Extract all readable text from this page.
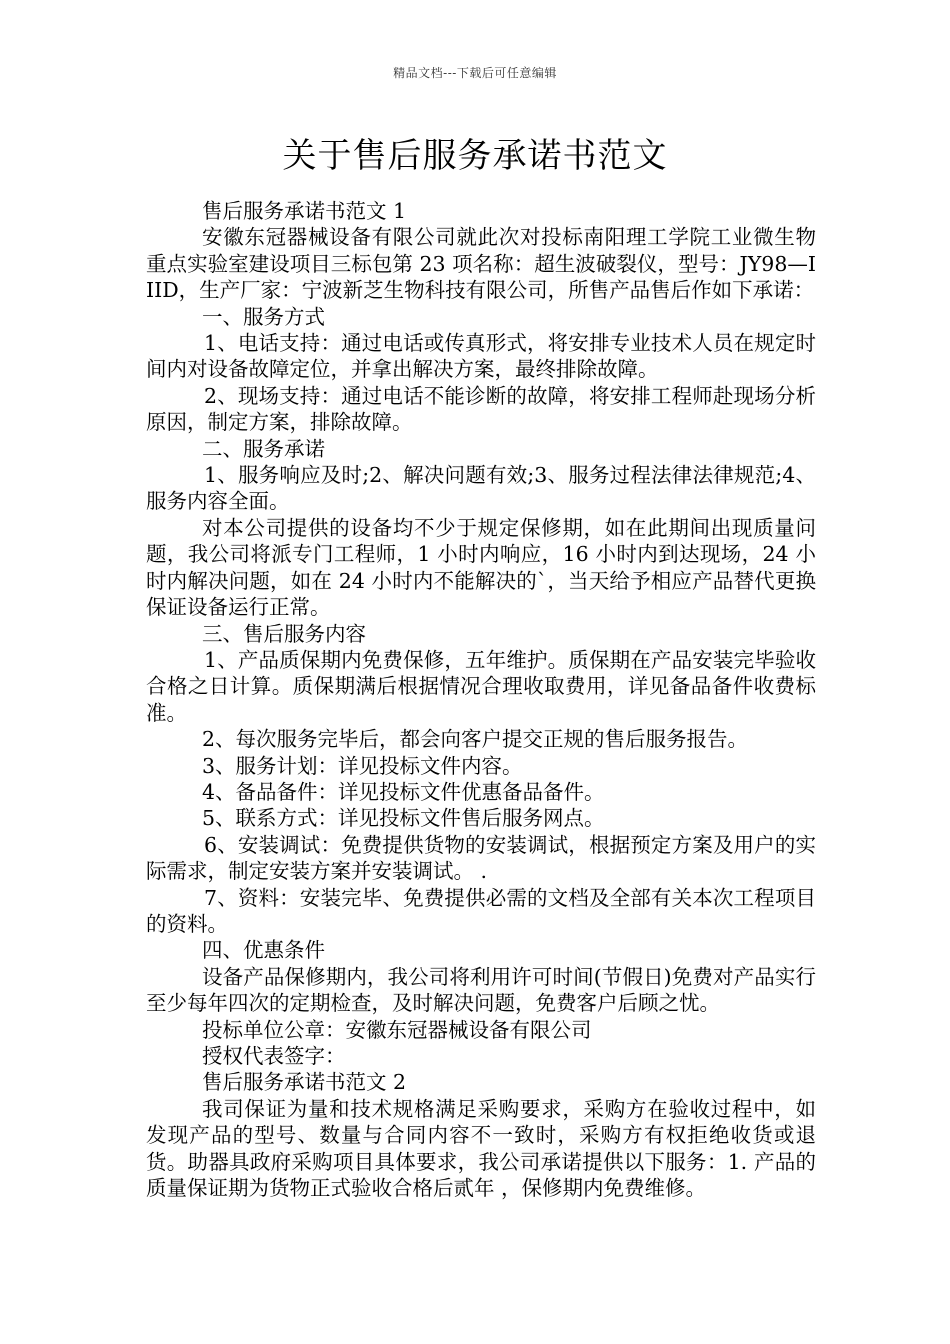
精品文档---下载后可任意编辑
关于售后服务承诺书范文

售后服务承诺书范文 1

安徽东冠器械设备有限公司就此次对投标南阳理工学院工业微生物重点实验室建设项目三标包第 23 项名称：超生波破裂仪，型号：JY98—IIID，生产厂家：宁波新芝生物科技有限公司，所售产品售后作如下承诺：

一、服务方式

1、电话支持：通过电话或传真形式，将安排专业技术人员在规定时间内对设备故障定位，并拿出解决方案，最终排除故障。

2、现场支持：通过电话不能诊断的故障，将安排工程师赴现场分析原因，制定方案，排除故障。

二、服务承诺

1、服务响应及时;2、解决问题有效;3、服务过程法律法律规范;4、服务内容全面。

对本公司提供的设备均不少于规定保修期，如在此期间出现质量问题，我公司将派专门工程师，1 小时内响应，16 小时内到达现场，24 小时内解决问题，如在 24 小时内不能解决的`，当天给予相应产品替代更换保证设备运行正常。

三、售后服务内容

1、产品质保期内免费保修，五年维护。质保期在产品安装完毕验收合格之日计算。质保期满后根据情况合理收取费用，详见备品备件收费标准。

2、每次服务完毕后，都会向客户提交正规的售后服务报告。

3、服务计划：详见投标文件内容。

4、备品备件：详见投标文件优惠备品备件。

5、联系方式：详见投标文件售后服务网点。

6、安装调试：免费提供货物的安装调试，根据预定方案及用户的实际需求，制定安装方案并安装调试。 .

7、资料：安装完毕、免费提供必需的文档及全部有关本次工程项目的资料。

四、优惠条件

设备产品保修期内，我公司将利用许可时间(节假日)免费对产品实行至少每年四次的定期检查，及时解决问题，免费客户后顾之忧。

投标单位公章：安徽东冠器械设备有限公司

授权代表签字：

售后服务承诺书范文 2

我司保证为量和技术规格满足采购要求，采购方在验收过程中，如发现产品的型号、数量与合同内容不一致时，采购方有权拒绝收货或退货。助器具政府采购项目具体要求，我公司承诺提供以下服务：1. 产品的质量保证期为货物正式验收合格后贰年 ，保修期内免费维修。
